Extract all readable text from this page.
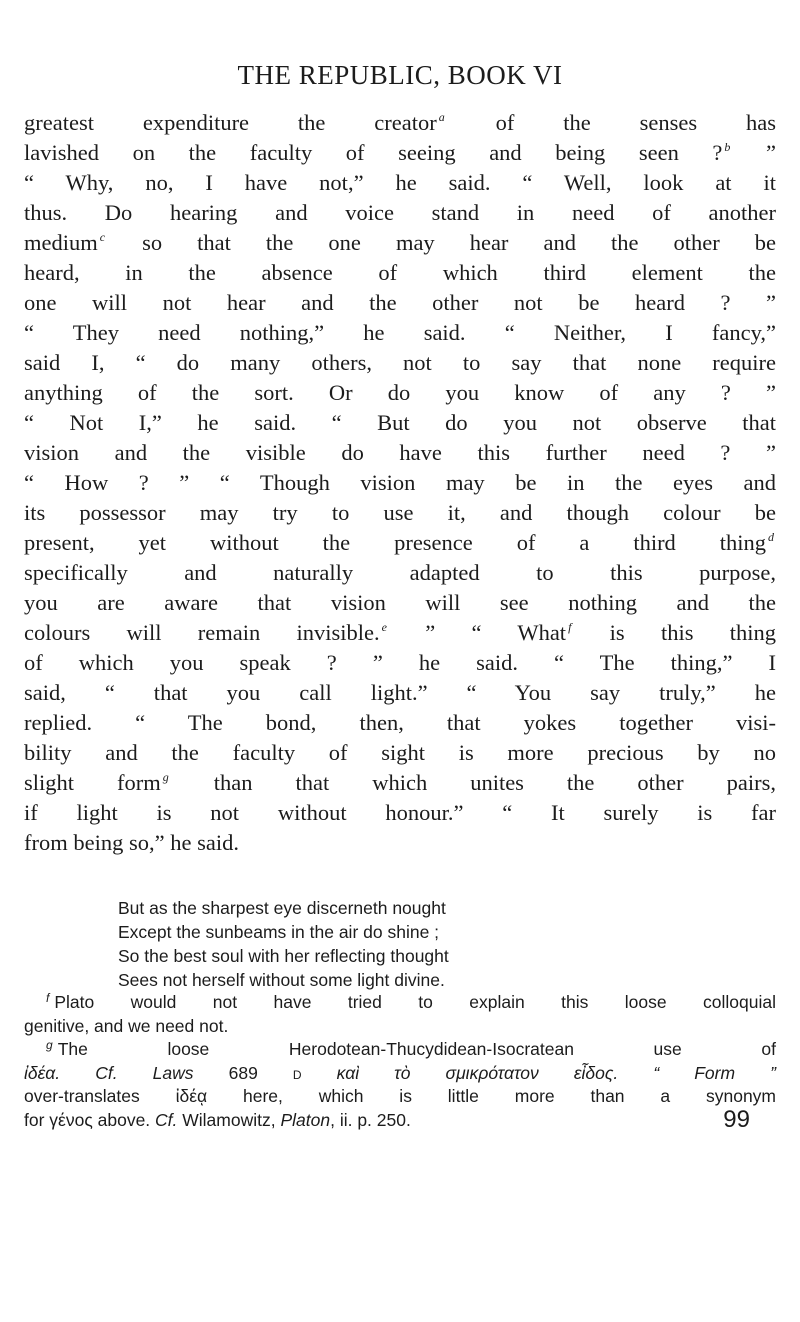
THE REPUBLIC, BOOK VI
greatest expenditure the creator $^a$ of the senses has
lavished on the faculty of seeing and being seen ? $^b$ ”
“ Why, no, I have not,” he said. “ Well, look at it
thus. Do hearing and voice stand in need of another
medium $^c$ so that the one may hear and the other be
heard, in the absence of which third element the
one will not hear and the other not be heard ? ”
“ They need nothing,” he said. “ Neither, I fancy,”
said I, “ do many others, not to say that none require
anything of the sort. Or do you know of any ? ”
“ Not I,” he said. “ But do you not observe that
vision and the visible do have this further need ? ”
“ How ? ” “ Though vision may be in the eyes and
its possessor may try to use it, and though colour be
present, yet without the presence of a third thing $^d$
specifically and naturally adapted to this purpose,
you are aware that vision will see nothing and the
colours will remain invisible. $^e$ ” “ What $^f$ is this thing
of which you speak ? ” he said. “ The thing,” I
said, “ that you call light.” “ You say truly,” he
replied. “ The bond, then, that yokes together visi-
bility and the faculty of sight is more precious by no
slight form $^g$ than that which unites the other pairs,
if light is not without honour.” “ It surely is far
from being so,” he said.
But as the sharpest eye discerneth nought
Except the sunbeams in the air do shine ;
So the best soul with her reflecting thought
Sees not herself without some light divine.
$^f$ Plato would not have tried to explain this loose colloquial
genitive, and we need not.
$^g$ The loose Herodotean-Thucydidean-Isocratean use of
ἰδέα. Cf. Laws 689 d καὶ τὸ σμικρότατον εἶδος. “ Form ”
over-translates ἰδέᾳ here, which is little more than a synonym
for γένος above. Cf. Wilamowitz, Platon, ii. p. 250.	99
